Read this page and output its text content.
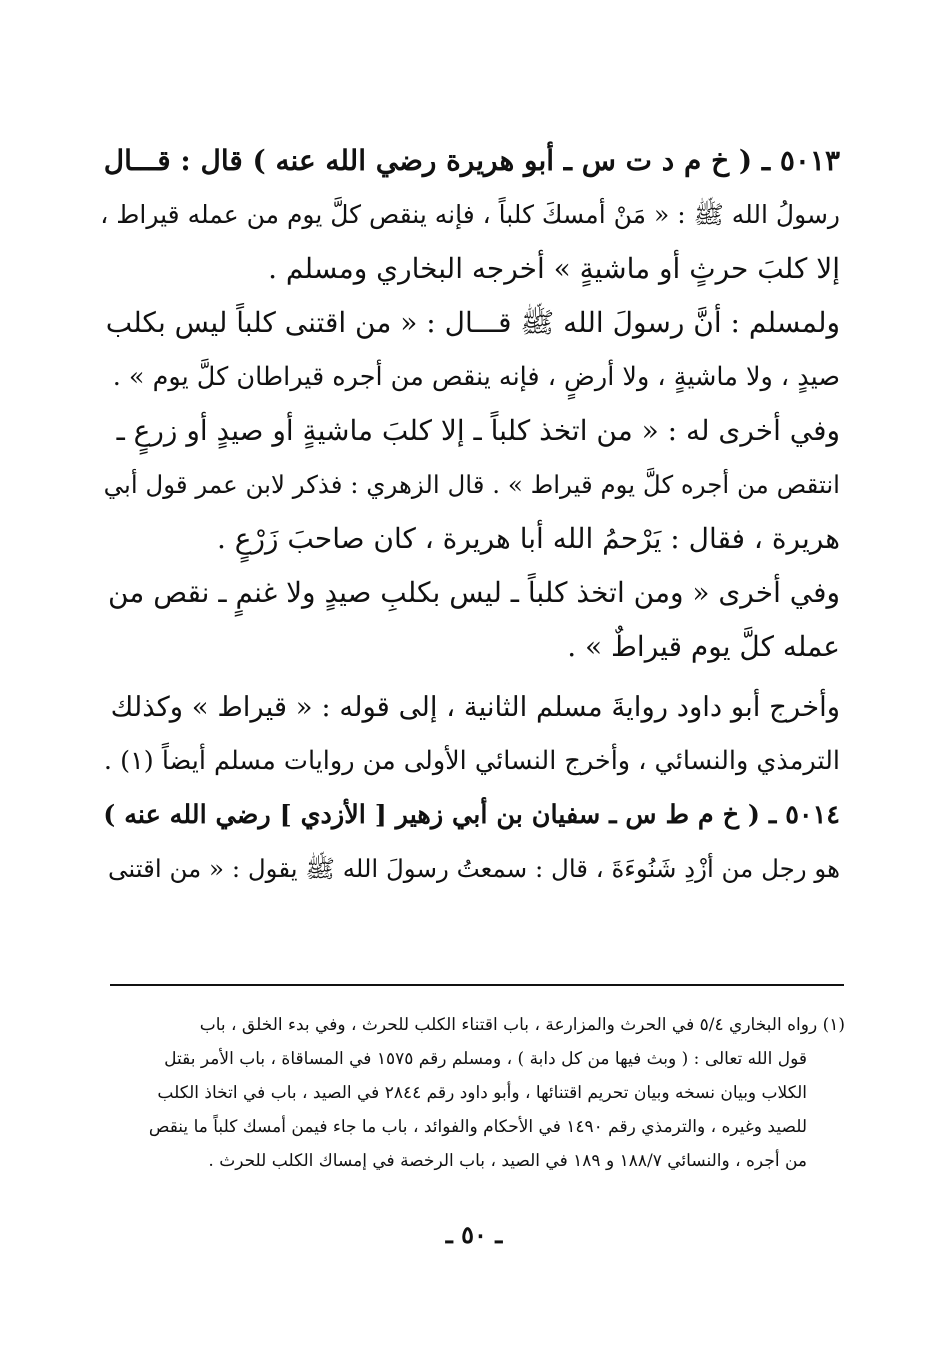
٥٠١٣ ـ ( خ م د ت س ـ أبو هريرة رضي الله عنه ) قال : قـــال
رسولُ الله ﷺ : « مَنْ أمسكَ كلباً ، فإنه ينقص كلَّ يوم من عمله قيراط ،
إلا كلبَ حرثٍ أو ماشيةٍ » أخرجه البخاري ومسلم .
ولمسلم : أنَّ رسولَ الله ﷺ قـــال : « من اقتنى كلباً ليس بكلب
صيدٍ ، ولا ماشيةٍ ، ولا أرضٍ ، فإنه ينقص من أجره قيراطان كلَّ يوم » .
وفي أخرى له : « من اتخذ كلباً ـ إلا كلبَ ماشيةٍ أو صيدٍ أو زرعٍ ـ
انتقص من أجره كلَّ يوم قيراط » . قال الزهري : فذكر لابن عمر قول أبي
هريرة ، فقال : يَرْحمُ الله أبا هريرة ، كان صاحبَ زَرْعٍ .
وفي أخرى « ومن اتخذ كلباً ـ ليس بكلبِ صيدٍ ولا غنمٍ ـ نقص من
عمله كلَّ يوم قيراطٌ » .
وأخرج أبو داود روايةَ مسلم الثانية ، إلى قوله : « قيراط » وكذلك
الترمذي والنسائي ، وأخرج النسائي الأولى من روايات مسلم أيضاً (١) .
٥٠١٤ ـ ( خ م ط س ـ سفيان بن أبي زهير [ الأزدي ] رضي الله عنه )
هو رجل من أزْدِ شَنُوءَةَ ، قال : سمعتُ رسولَ الله ﷺ يقول : « من اقتنى
(١) رواه البخاري ٥/٤ في الحرث والمزارعة ، باب اقتناء الكلب للحرث ، وفي بدء الخلق ، باب
قول الله تعالى : ( وبث فيها من كل دابة ) ، ومسلم رقم ١٥٧٥ في المساقاة ، باب الأمر بقتل
الكلاب وبيان نسخه وبيان تحريم اقتنائها ، وأبو داود رقم ٢٨٤٤ في الصيد ، باب في اتخاذ الكلب
للصيد وغيره ، والترمذي رقم ١٤٩٠ في الأحكام والفوائد ، باب ما جاء فيمن أمسك كلباً ما ينقص
من أجره ، والنسائي ١٨٨/٧ و ١٨٩ في الصيد ، باب الرخصة في إمساك الكلب للحرث .
ـ ٥٠ ـ
